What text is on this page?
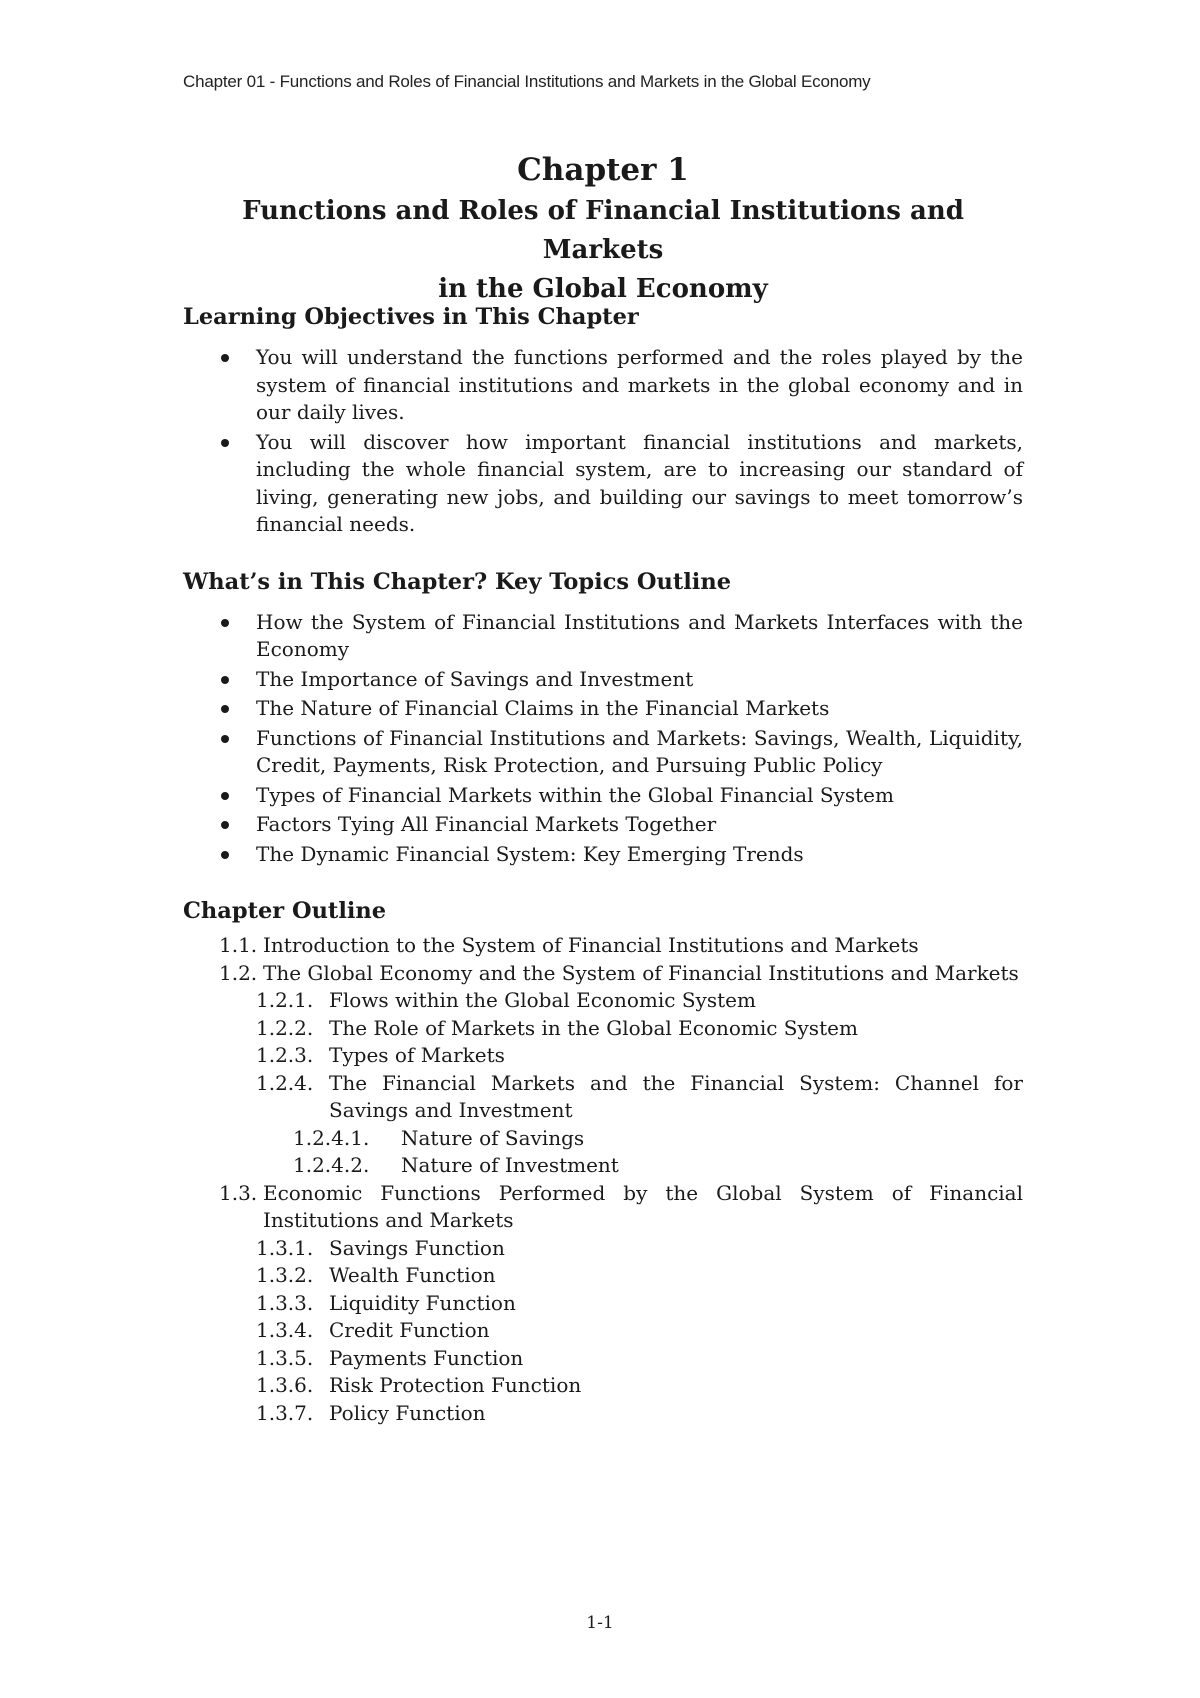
Chapter 01 - Functions and Roles of Financial Institutions and Markets in the Global Economy
Chapter 1
Functions and Roles of Financial Institutions and Markets
in the Global Economy
Learning Objectives in This Chapter
You will understand the functions performed and the roles played by the system of financial institutions and markets in the global economy and in our daily lives.
You will discover how important financial institutions and markets, including the whole financial system, are to increasing our standard of living, generating new jobs, and building our savings to meet tomorrow’s financial needs.
What’s in This Chapter? Key Topics Outline
How the System of Financial Institutions and Markets Interfaces with the Economy
The Importance of Savings and Investment
The Nature of Financial Claims in the Financial Markets
Functions of Financial Institutions and Markets: Savings, Wealth, Liquidity, Credit, Payments, Risk Protection, and Pursuing Public Policy
Types of Financial Markets within the Global Financial System
Factors Tying All Financial Markets Together
The Dynamic Financial System: Key Emerging Trends
Chapter Outline
1.1. Introduction to the System of Financial Institutions and Markets
1.2. The Global Economy and the System of Financial Institutions and Markets
1.2.1. Flows within the Global Economic System
1.2.2. The Role of Markets in the Global Economic System
1.2.3. Types of Markets
1.2.4. The Financial Markets and the Financial System: Channel for Savings and Investment
1.2.4.1. Nature of Savings
1.2.4.2. Nature of Investment
1.3. Economic Functions Performed by the Global System of Financial Institutions and Markets
1.3.1. Savings Function
1.3.2. Wealth Function
1.3.3. Liquidity Function
1.3.4. Credit Function
1.3.5. Payments Function
1.3.6. Risk Protection Function
1.3.7. Policy Function
1-1
